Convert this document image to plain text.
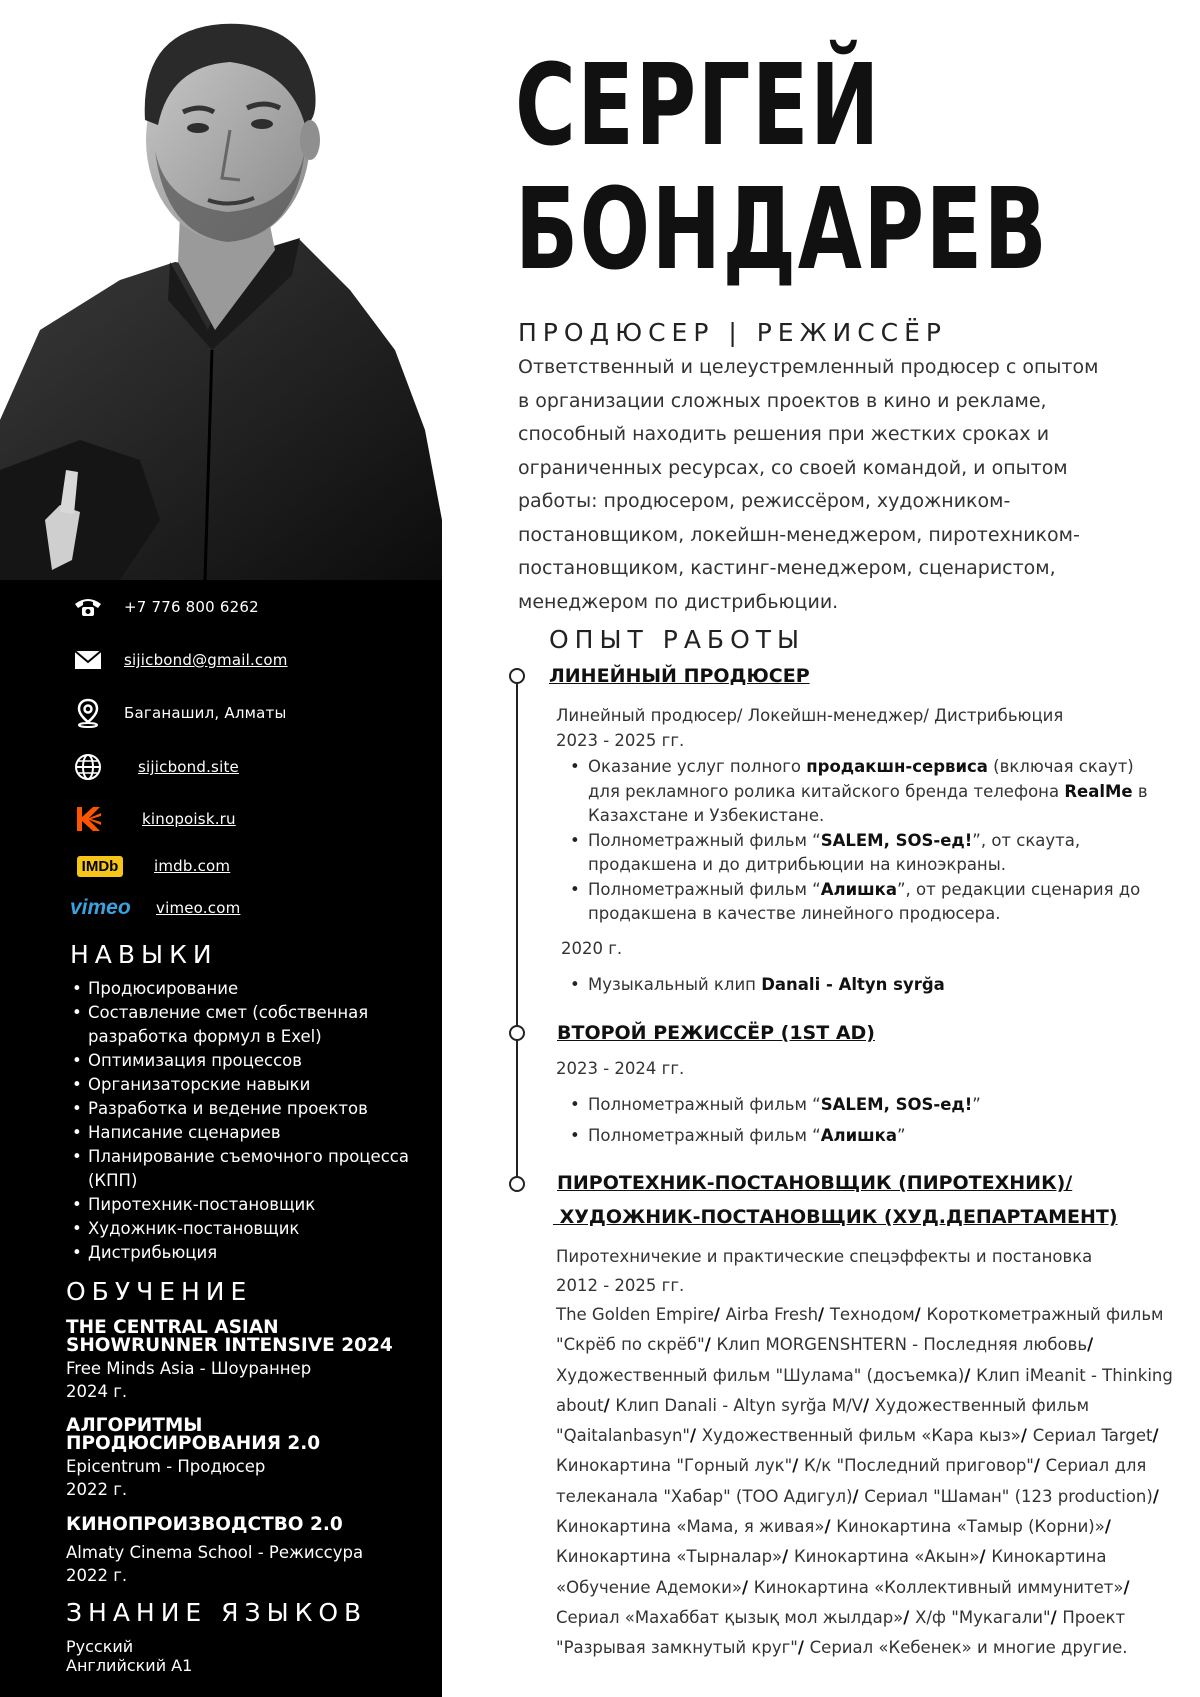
+7 776 800 6262
sijicbond@gmail.com
Баганашил, Алматы
sijicbond.site
kinopoisk.ru
IMDb	imdb.com
vimeo vimeo.com
НАВЫКИ
• Продюсирование
• Составление смет (собственная разработка формул в Exel)
• Оптимизация процессов
• Организаторские навыки
• Разработка и ведение проектов
• Написание сценариев
• Планирование съемочного процесса (КПП)
• Пиротехник-постановщик
• Художник-постановщик
• Дистрибьюция
ОБУЧЕНИЕ
THE CENTRAL ASIAN
SHOWRUNNER INTENSIVE 2024
Free Minds Asia - Шоураннер
2024 г.
АЛГОРИТМЫ
ПРОДЮСИРОВАНИЯ 2.0
Epicentrum - Продюсер
2022 г.
КИНОПРОИЗВОДСТВО 2.0
Almaty Cinema School - Режиссура
2022 г.
ЗНАНИЕ ЯЗЫКОВ
Русский
Английский А1
СЕРГЕЙ
БОНДАРЕВ
ПРОДЮСЕР | РЕЖИССЁР
Ответственный и целеустремленный продюсер с опытом в организации сложных проектов в кино и рекламе, способный находить решения при жестких сроках и ограниченных ресурсах, со своей командой, и опытом работы: продюсером, режиссёром, художником-постановщиком, локейшн-менеджером, пиротехником-постановщиком, кастинг-менеджером, сценаристом, менеджером по дистрибьюции.
ОПЫТ РАБОТЫ
ЛИНЕЙНЫЙ ПРОДЮСЕР
Линейный продюсер/ Локейшн-менеджер/ Дистрибьюция
2023 - 2025 гг.
• Оказание услуг полного продакшн-сервиса (включая скаут) для рекламного ролика китайского бренда телефона RealMe в Казахстане и Узбекистане.
• Полнометражный фильм “SALEM, SOS-ед!”, от скаута, продакшена и до дитрибьюции на киноэкраны.
• Полнометражный фильм “Алишка”, от редакции сценария до продакшена в качестве линейного продюсера.
2020 г.
• Музыкальный клип Danali - Altyn syrğa
ВТОРОЙ РЕЖИССЁР (1ST AD)
2023 - 2024 гг.
• Полнометражный фильм “SALEM, SOS-ед!”
• Полнометражный фильм “Алишка”
ПИРОТЕХНИК-ПОСТАНОВЩИК (ПИРОТЕХНИК)/
ХУДОЖНИК-ПОСТАНОВЩИК (ХУД.ДЕПАРТАМЕНТ)
Пиротехничекие и практические спецэффекты и постановка
2012 - 2025 гг.
The Golden Empire/ Airba Fresh/ Технодом/ Короткометражный фильм "Скрёб по скрёб"/ Клип MORGENSHTERN - Последняя любовь/ Художественный фильм "Шулама" (досъемка)/ Клип iMeanit - Thinking about/ Клип Danali - Altyn syrğa M/V/ Художественный фильм "Qaitalanbasyn"/ Художественный фильм «Кара кыз»/ Сериал Target/ Кинокартина "Горный лук"/ К/к "Последний приговор"/ Сериал для телеканала "Хабар" (ТОО Адигул)/ Сериал "Шаман" (123 production)/ Кинокартина «Мама, я живая»/ Кинокартина «Тамыр (Корни)»/ Кинокартина «Тырналар»/ Кинокартина «Акын»/ Кинокартина «Обучение Адемоки»/ Кинокартина «Коллективный иммунитет»/ Сериал «Махаббат қызық мол жылдар»/ Х/ф "Мукагали"/ Проект "Разрывая замкнутый круг"/ Сериал «Кебенек» и многие другие.
